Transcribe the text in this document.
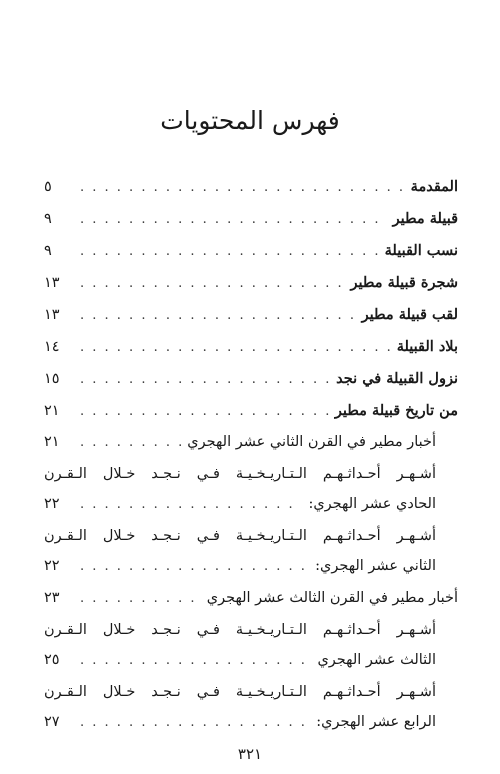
فهرس المحتويات
المقدمة
. . .
٥
قبيلة مطير
. . .
٩
نسب القبيلة
. . .
٩
شجرة قبيلة مطير
. . .
١٣
لقب قبيلة مطير
. . .
١٣
بلاد القبيلة
. . .
١٤
نزول القبيلة في نجد
. . .
١٥
من تاريخ قبيلة مطير
. . .
٢١
أخبار مطير في القرن الثاني عشر الهجري
. . .
٢١
أشـهـر أحـداثـهـم الـتـاريـخـيـة فـي نـجـد خـلال الـقـرن
الحادي عشر الهجري:
. . .
٢٢
أشـهـر أحـداثـهـم الـتـاريـخـيـة فـي نـجـد خـلال الـقـرن
الثاني عشر الهجري:
. . .
٢٢
أخبار مطير في القرن الثالث عشر الهجري
. . .
٢٣
أشـهـر أحـداثـهـم الـتـاريـخـيـة فـي نـجـد خـلال الـقـرن
الثالث عشر الهجري
. . .
٢٥
أشـهـر أحـداثـهـم الـتـاريـخـيـة فـي نـجـد خـلال الـقـرن
الرابع عشر الهجري:
. . .
٢٧
٣٢١
